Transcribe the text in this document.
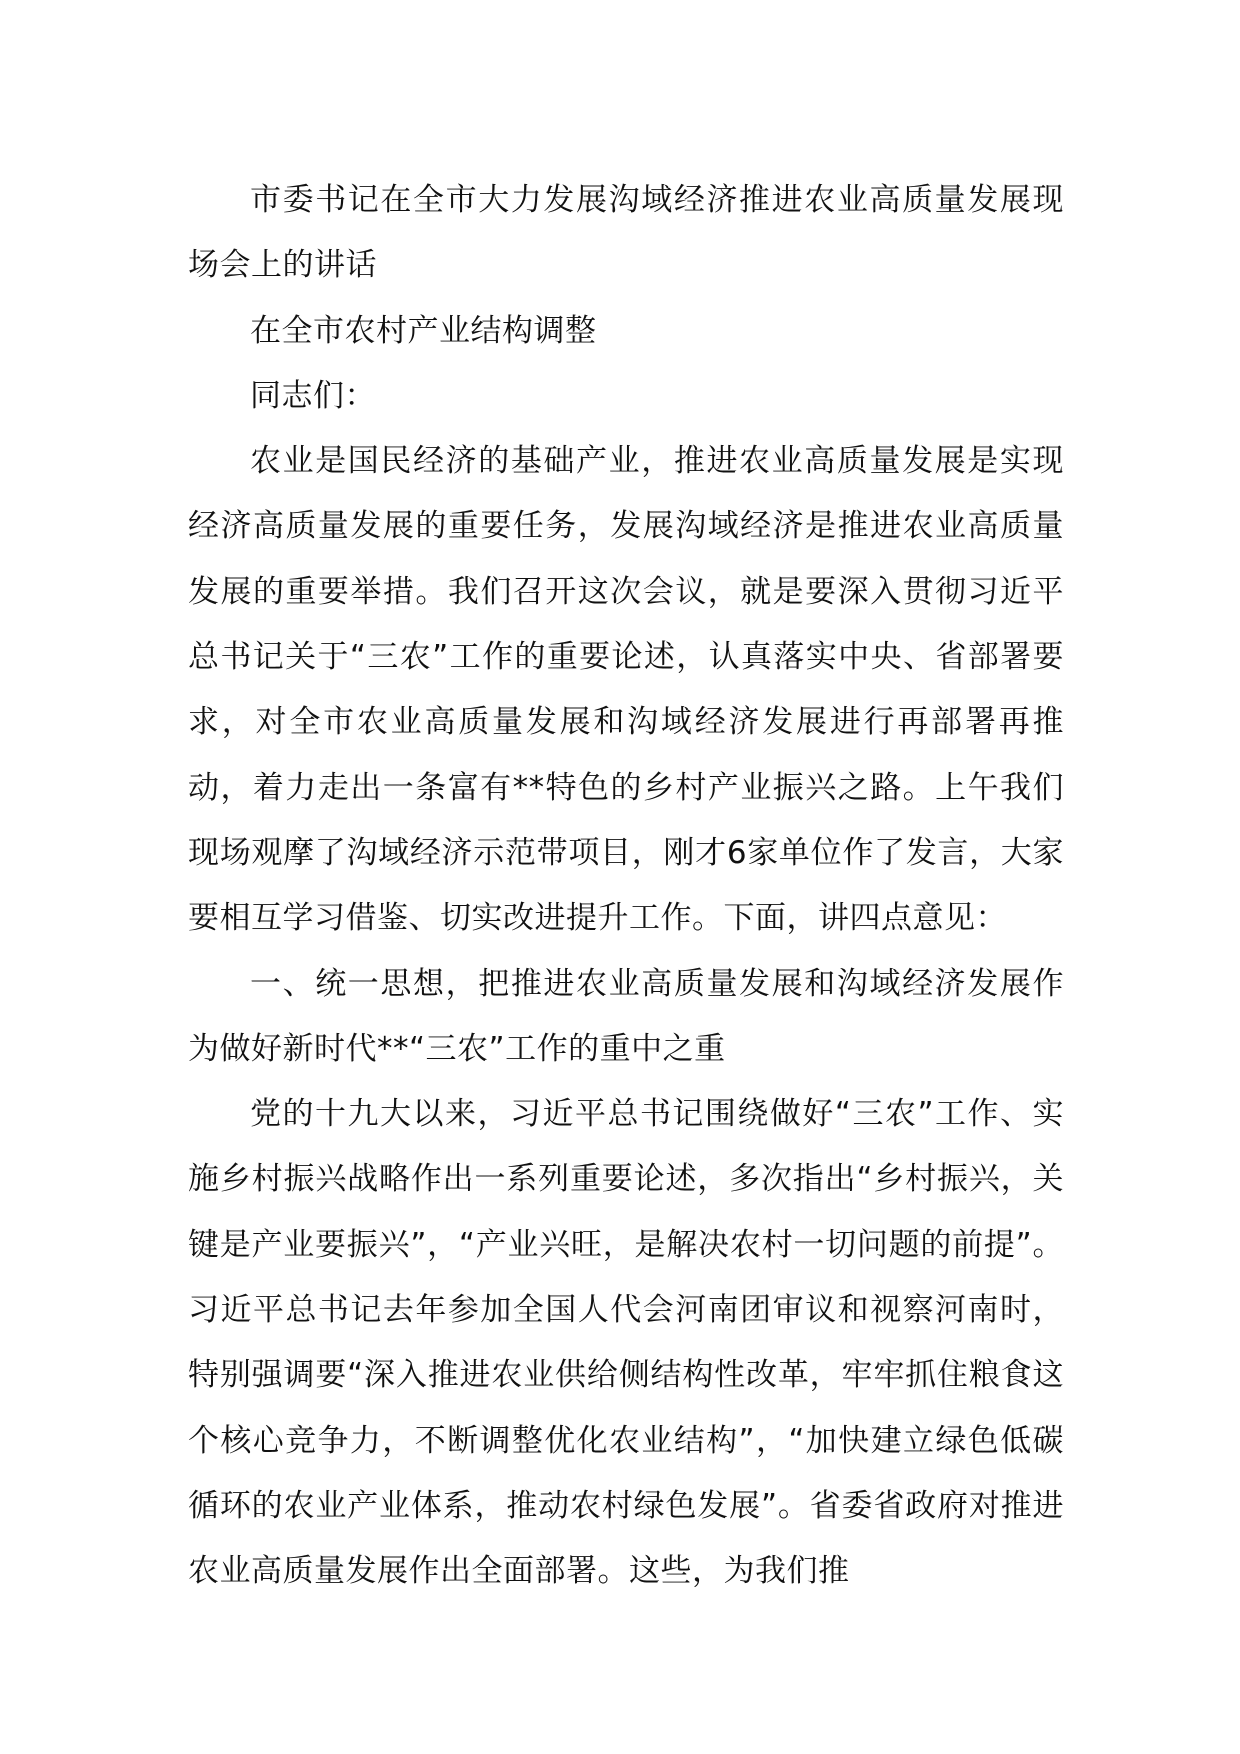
市委书记在全市大力发展沟域经济推进农业高质量发展现场会上的讲话

在全市农村产业结构调整

同志们：

农业是国民经济的基础产业，推进农业高质量发展是实现经济高质量发展的重要任务，发展沟域经济是推进农业高质量发展的重要举措。我们召开这次会议，就是要深入贯彻习近平总书记关于“三农”工作的重要论述，认真落实中央、省部署要求，对全市农业高质量发展和沟域经济发展进行再部署再推动，着力走出一条富有**特色的乡村产业振兴之路。上午我们现场观摩了沟域经济示范带项目，刚才6家单位作了发言，大家要相互学习借鉴、切实改进提升工作。下面，讲四点意见：

一、统一思想，把推进农业高质量发展和沟域经济发展作为做好新时代**“三农”工作的重中之重

党的十九大以来，习近平总书记围绕做好“三农”工作、实施乡村振兴战略作出一系列重要论述，多次指出“乡村振兴，关键是产业要振兴”，“产业兴旺，是解决农村一切问题的前提”。习近平总书记去年参加全国人代会河南团审议和视察河南时，特别强调要“深入推进农业供给侧结构性改革，牢牢抓住粮食这个核心竞争力，不断调整优化农业结构”，“加快建立绿色低碳循环的农业产业体系，推动农村绿色发展”。省委省政府对推进农业高质量发展作出全面部署。这些，为我们推
